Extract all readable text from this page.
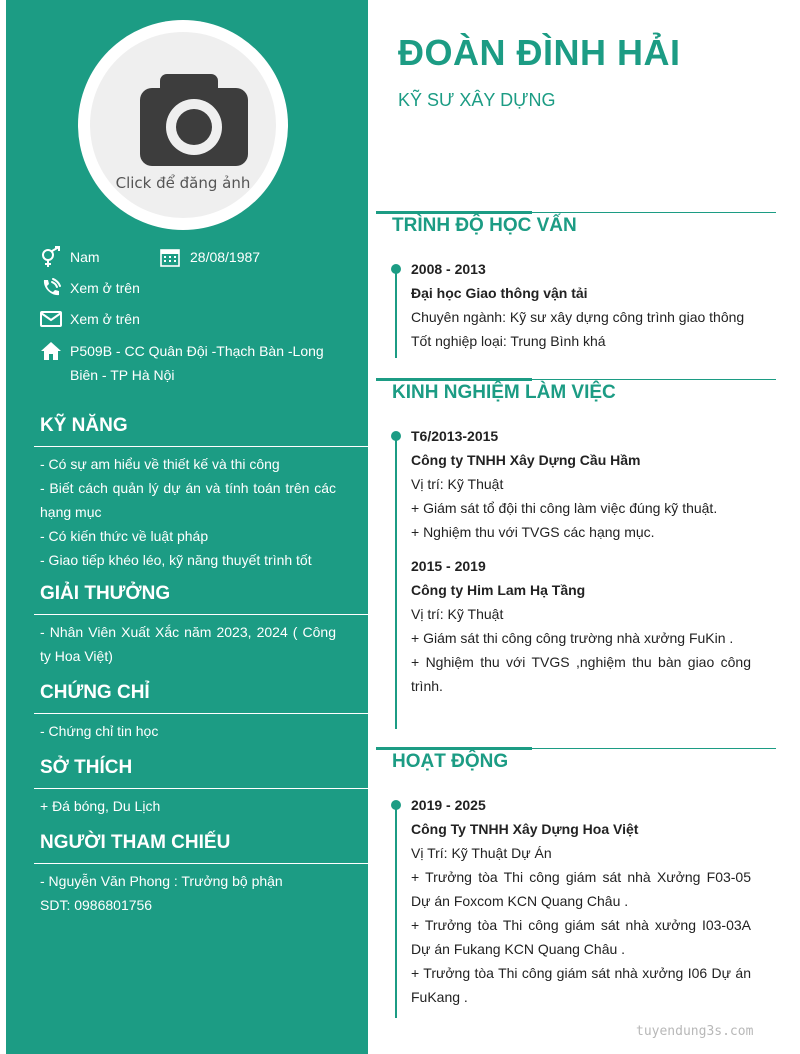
Click để đăng ảnh
Nam	28/08/1987
Xem ở trên
Xem ở trên
P509B - CC Quân Đội -Thạch Bàn -Long Biên - TP Hà Nội
KỸ NĂNG

- Có sự am hiểu về thiết kế và thi công

- Biết cách quản lý dự án và tính toán trên các hạng mục

- Có kiến thức về luật pháp

- Giao tiếp khéo léo, kỹ năng thuyết trình tốt

GIẢI THƯỞNG

- Nhân Viên Xuất Xắc năm 2023, 2024 ( Công ty Hoa Việt)

CHỨNG CHỈ

- Chứng chỉ tin học

SỞ THÍCH

+ Đá bóng, Du Lịch

NGƯỜI THAM CHIẾU

- Nguyễn Văn Phong : Trưởng bộ phận

SDT: 0986801756

ĐOÀN ĐÌNH HẢI
KỸ SƯ XÂY DỰNG
TRÌNH ĐỘ HỌC VẤN

2008 - 2013

Đại học Giao thông vận tải

Chuyên ngành: Kỹ sư xây dựng công trình giao thông

Tốt nghiệp loại: Trung Bình khá

KINH NGHIỆM LÀM VIỆC

T6/2013-2015

Công ty TNHH Xây Dựng Cầu Hầm

Vị trí: Kỹ Thuật

+ Giám sát tổ đội thi công làm việc đúng kỹ thuật.

+ Nghiệm thu với TVGS các hạng mục.

2015 - 2019

Công ty Him Lam Hạ Tầng

Vị trí: Kỹ Thuật

+ Giám sát thi công công trường nhà xưởng FuKin .

+ Nghiệm thu với TVGS ,nghiệm thu bàn giao công trình.

HOẠT ĐỘNG

2019 - 2025

Công Ty TNHH Xây Dựng Hoa Việt

Vị Trí: Kỹ Thuật Dự Án

+ Trưởng tòa Thi công giám sát nhà Xưởng F03-05 Dự án Foxcom KCN Quang Châu .

+ Trưởng tòa Thi công giám sát nhà xưởng I03-03A Dự án Fukang KCN Quang Châu .

+ Trưởng tòa Thi công giám sát nhà xưởng I06 Dự án FuKang .

tuyendung3s.com
